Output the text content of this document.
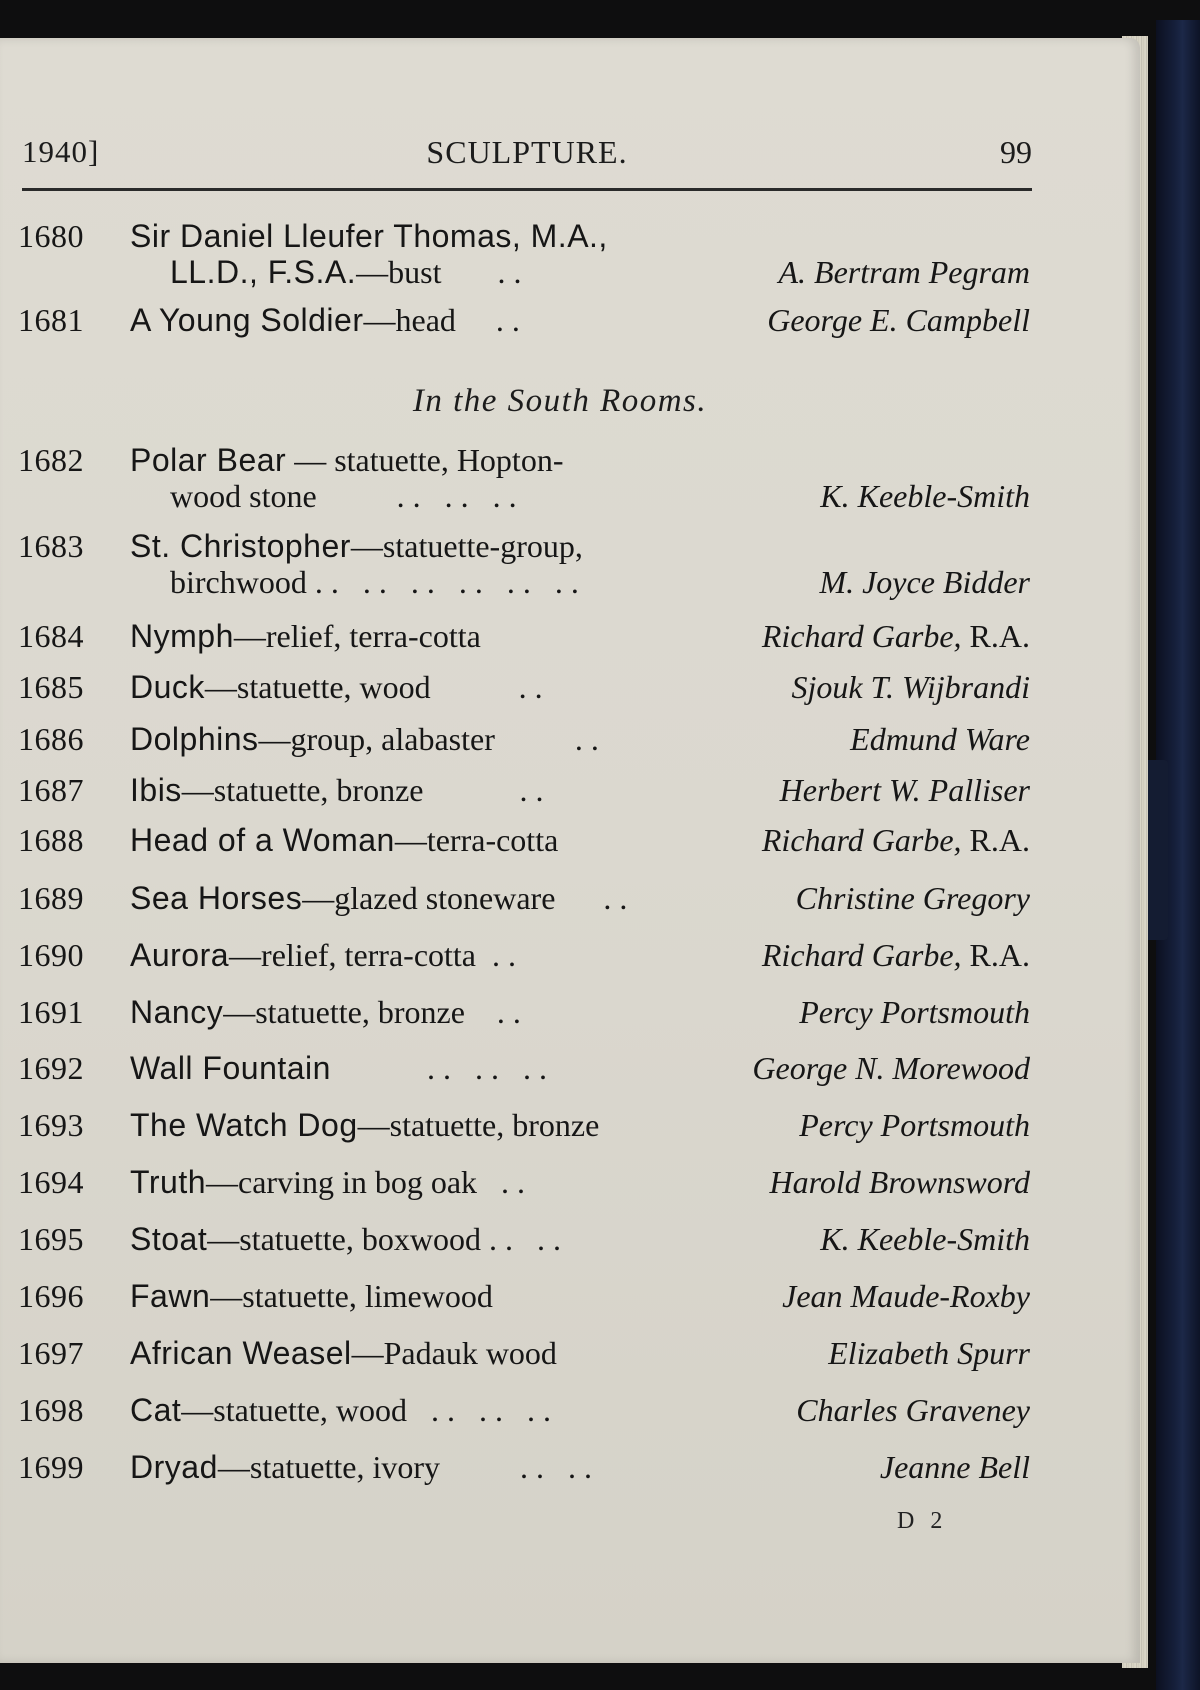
1940]	SCULPTURE.	99
1680 Sir Daniel Lleufer Thomas, M.A.,
LL.D., F.S.A.—bust ..	A. Bertram Pegram
1681 A Young Soldier—head ..	George E. Campbell
In the South Rooms.
1682 Polar Bear — statuette, Hopton-
wood stone	.. .. ..	K. Keeble-Smith
1683 St. Christopher—statuette-group,
birchwood .. .. .. .. .. ..	M. Joyce Bidder
1684 Nymph—relief, terra-cotta	Richard Garbe, R.A.
1685 Duck—statuette, wood	..	Sjouk T. Wijbrandi
1686 Dolphins—group, alabaster	..	Edmund Ware
1687 Ibis—statuette, bronze	..	Herbert W. Palliser
1688 Head of a Woman—terra-cotta	Richard Garbe, R.A.
1689 Sea Horses—glazed stoneware ..	Christine Gregory
1690 Aurora—relief, terra-cotta ..	Richard Garbe, R.A.
1691 Nancy—statuette, bronze ..	Percy Portsmouth
1692 Wall Fountain	.. .. ..	George N. Morewood
1693 The Watch Dog—statuette, bronze	Percy Portsmouth
1694 Truth—carving in bog oak ..	Harold Brownsword
1695 Stoat—statuette, boxwood .. ..	K. Keeble-Smith
1696 Fawn—statuette, limewood	Jean Maude-Roxby
1697 African Weasel—Padauk wood	Elizabeth Spurr
1698 Cat—statuette, wood .. .. ..	Charles Graveney
1699 Dryad—statuette, ivory	.. ..	Jeanne Bell
D 2
